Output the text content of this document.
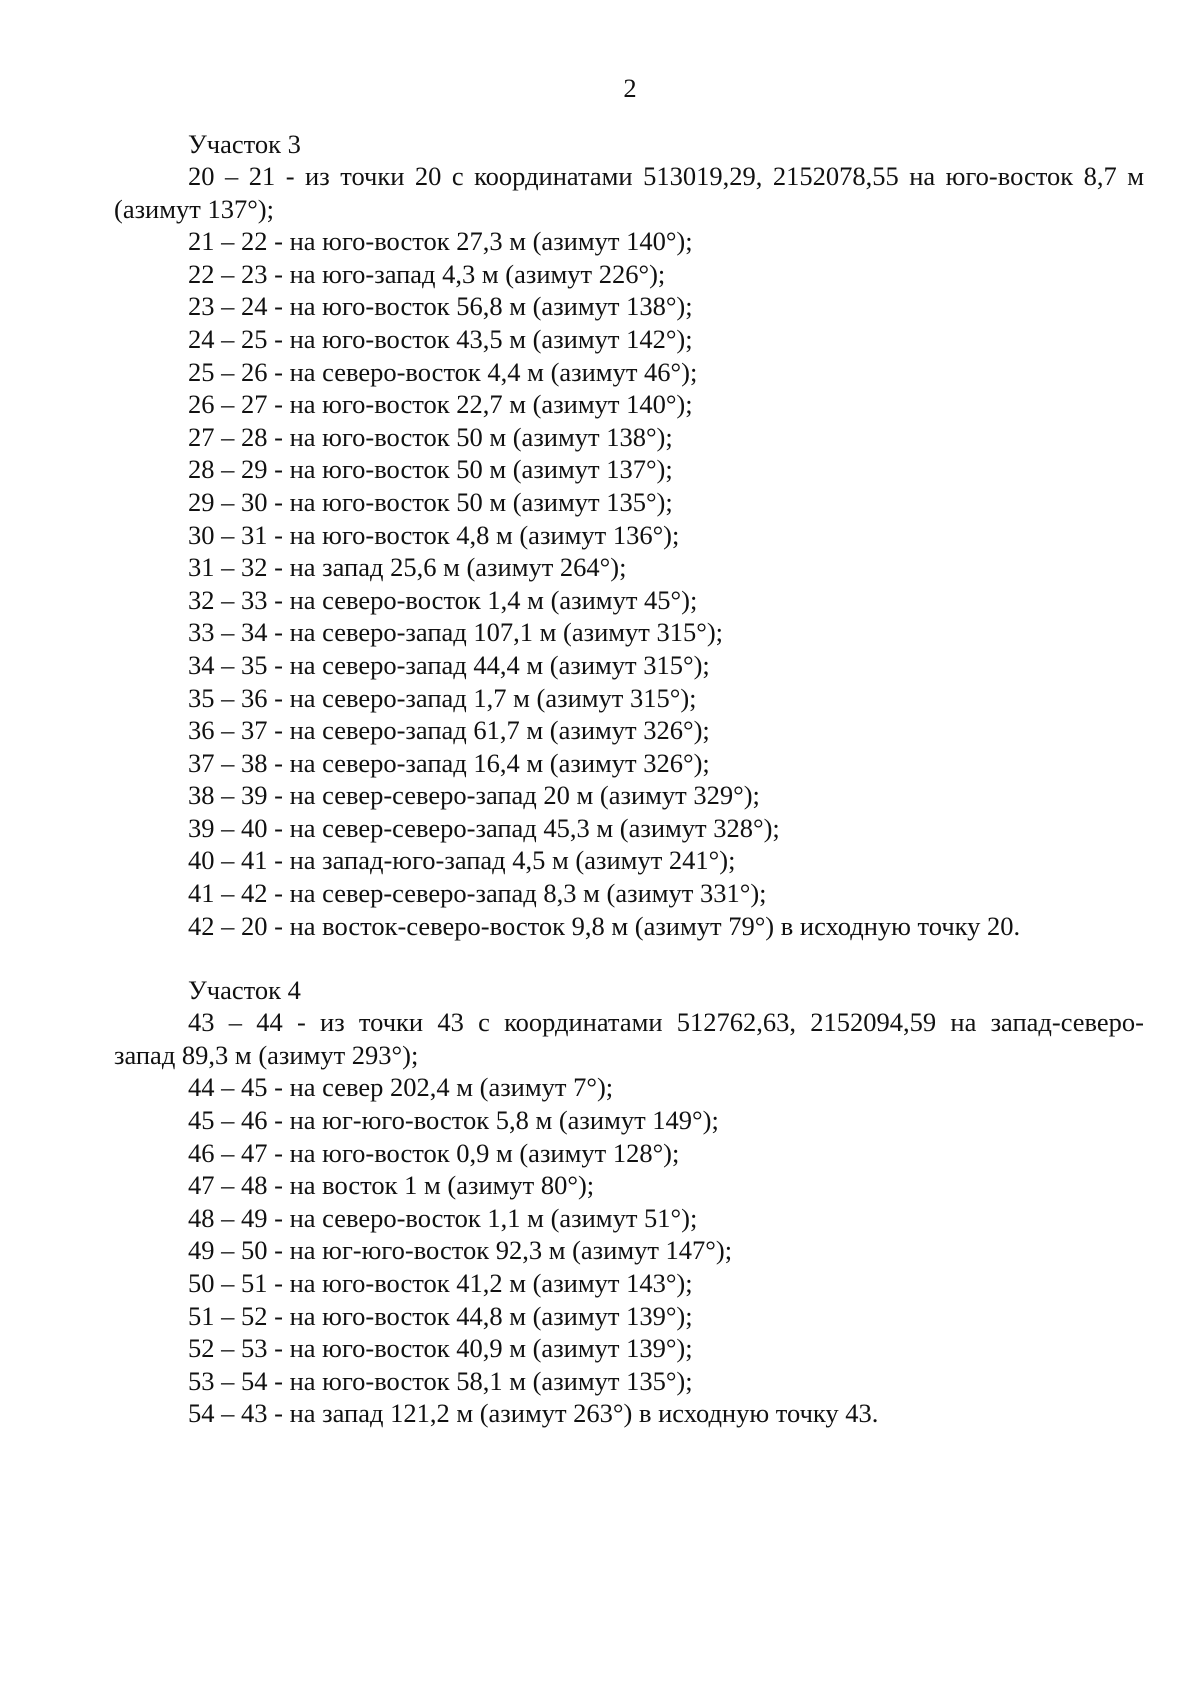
2
Участок 3
20 – 21 - из точки 20 с координатами 513019,29, 2152078,55 на юго-восток 8,7 м
(азимут 137°);
21 – 22 - на юго-восток 27,3 м (азимут 140°);
22 – 23 - на юго-запад 4,3 м (азимут 226°);
23 – 24 - на юго-восток 56,8 м (азимут 138°);
24 – 25 - на юго-восток 43,5 м (азимут 142°);
25 – 26 - на северо-восток 4,4 м (азимут 46°);
26 – 27 - на юго-восток 22,7 м (азимут 140°);
27 – 28 - на юго-восток 50 м (азимут 138°);
28 – 29 - на юго-восток 50 м (азимут 137°);
29 – 30 - на юго-восток 50 м (азимут 135°);
30 – 31 - на юго-восток 4,8 м (азимут 136°);
31 – 32 - на запад 25,6 м (азимут 264°);
32 – 33 - на северо-восток 1,4 м (азимут 45°);
33 – 34 - на северо-запад 107,1 м (азимут 315°);
34 – 35 - на северо-запад 44,4 м (азимут 315°);
35 – 36 - на северо-запад 1,7 м (азимут 315°);
36 – 37 - на северо-запад 61,7 м (азимут 326°);
37 – 38 - на северо-запад 16,4 м (азимут 326°);
38 – 39 - на север-северо-запад 20 м (азимут 329°);
39 – 40 - на север-северо-запад 45,3 м (азимут 328°);
40 – 41 - на запад-юго-запад 4,5 м (азимут 241°);
41 – 42 - на север-северо-запад 8,3 м (азимут 331°);
42 – 20 - на восток-северо-восток 9,8 м (азимут 79°) в исходную точку 20.
Участок 4
43 – 44 - из точки 43 с координатами 512762,63, 2152094,59 на запад-северо-
запад 89,3 м (азимут 293°);
44 – 45 - на север 202,4 м (азимут 7°);
45 – 46 - на юг-юго-восток 5,8 м (азимут 149°);
46 – 47 - на юго-восток 0,9 м (азимут 128°);
47 – 48 - на восток 1 м (азимут 80°);
48 – 49 - на северо-восток 1,1 м (азимут 51°);
49 – 50 - на юг-юго-восток 92,3 м (азимут 147°);
50 – 51 - на юго-восток 41,2 м (азимут 143°);
51 – 52 - на юго-восток 44,8 м (азимут 139°);
52 – 53 - на юго-восток 40,9 м (азимут 139°);
53 – 54 - на юго-восток 58,1 м (азимут 135°);
54 – 43 - на запад 121,2 м (азимут 263°) в исходную точку 43.
